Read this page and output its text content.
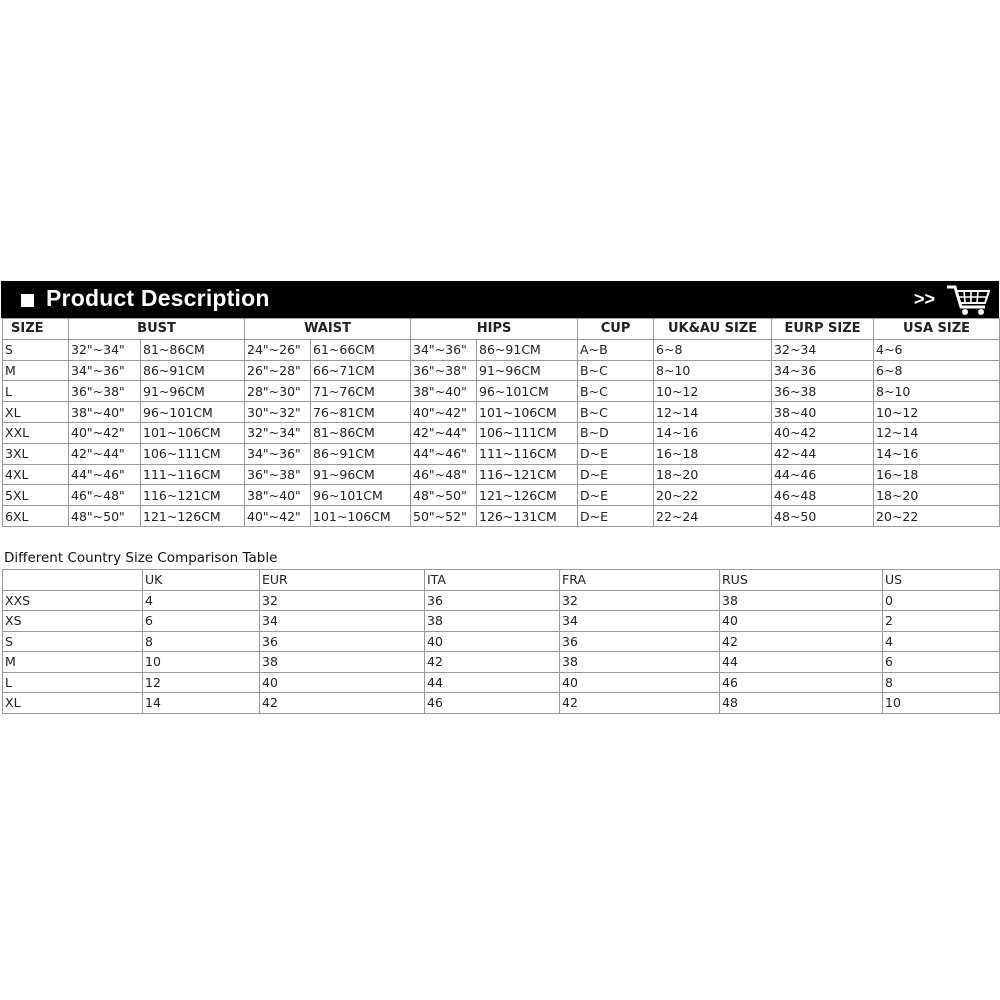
Product Description	>>
SIZE	BUST		WAIST		HIPS		CUP	UK&AU SIZE	EURP SIZE	USA SIZE
S	32"~34"	81~86CM	24"~26"	61~66CM	34"~36"	86~91CM	A~B	6~8	32~34	4~6
M	34"~36"	86~91CM	26"~28"	66~71CM	36"~38"	91~96CM	B~C	8~10	34~36	6~8
L	36"~38"	91~96CM	28"~30"	71~76CM	38"~40"	96~101CM	B~C	10~12	36~38	8~10
XL	38"~40"	96~101CM	30"~32"	76~81CM	40"~42"	101~106CM	B~C	12~14	38~40	10~12
XXL	40"~42"	101~106CM	32"~34"	81~86CM	42"~44"	106~111CM	B~D	14~16	40~42	12~14
3XL	42"~44"	106~111CM	34"~36"	86~91CM	44"~46"	111~116CM	D~E	16~18	42~44	14~16
4XL	44"~46"	111~116CM	36"~38"	91~96CM	46"~48"	116~121CM	D~E	18~20	44~46	16~18
5XL	46"~48"	116~121CM	38"~40"	96~101CM	48"~50"	121~126CM	D~E	20~22	46~48	18~20
6XL	48"~50"	121~126CM	40"~42"	101~106CM	50"~52"	126~131CM	D~E	22~24	48~50	20~22
Different Country Size Comparison Table
	UK	EUR	ITA	FRA	RUS	US
XXS	4	32	36	32	38	0
XS	6	34	38	34	40	2
S	8	36	40	36	42	4
M	10	38	42	38	44	6
L	12	40	44	40	46	8
XL	14	42	46	42	48	10
